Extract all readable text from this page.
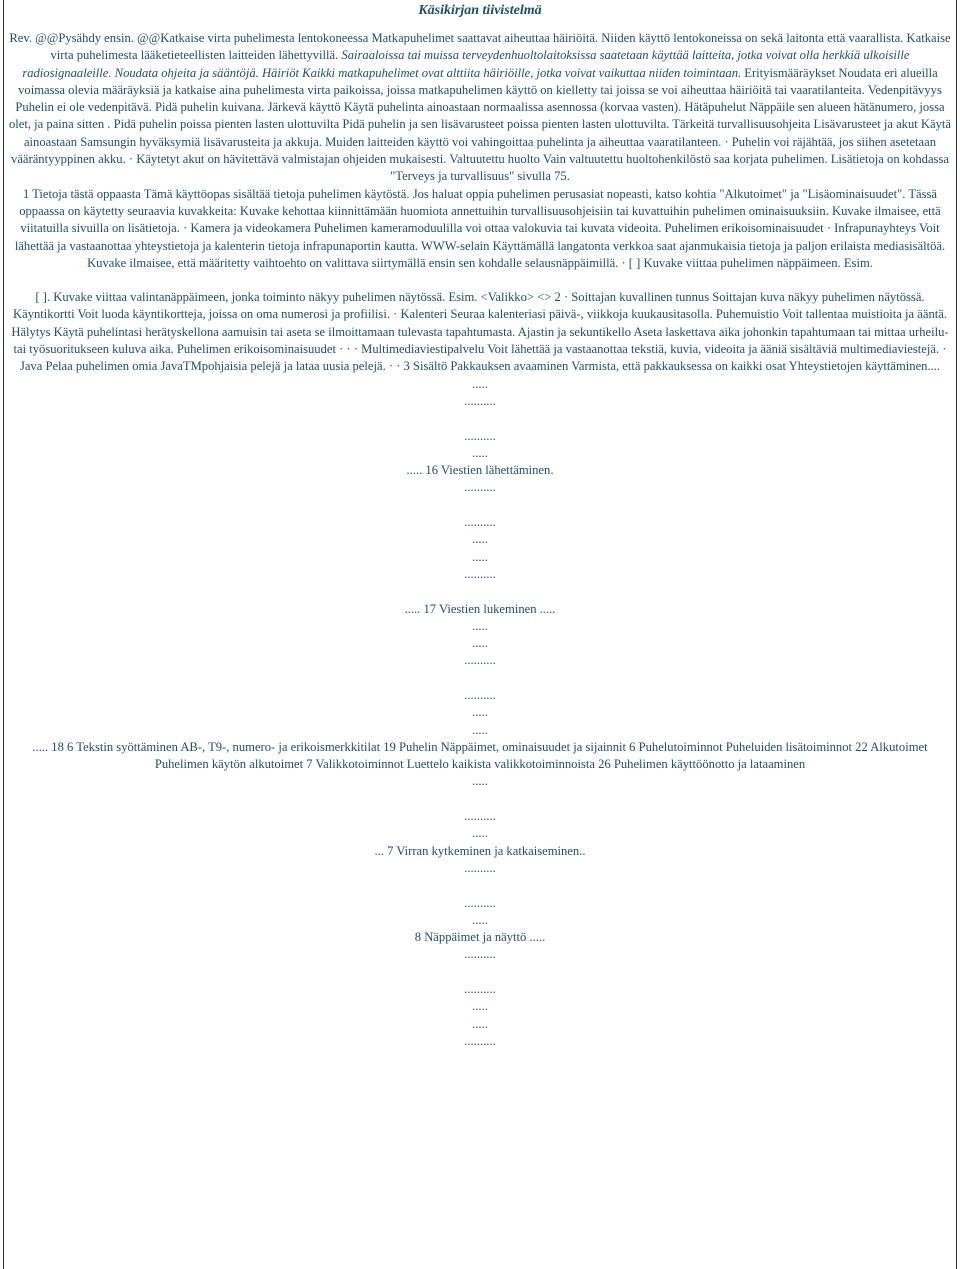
Käsikirjan tiivistelmä

Rev. @@Pysähdy ensin. @@Katkaise virta puhelimesta lentokoneessa Matkapuhelimet saattavat aiheuttaa häiriöitä. Niiden käyttö lentokoneissa on sekä laitonta että vaarallista. Katkaise virta puhelimesta lääketieteellisten laitteiden lähettyvillä. Sairaaloissa tai muissa terveydenhuoltolaitoksissa saatetaan käyttää laitteita, jotka voivat olla herkkiä ulkoisille radiosignaaleille. Noudata ohjeita ja sääntöjä. Häiriöt Kaikki matkapuhelimet ovat alttiita häiriöille, jotka voivat vaikuttaa niiden toimintaan. Erityismääräykset Noudata eri alueilla voimassa olevia määräyksiä ja katkaise aina puhelimesta virta paikoissa, joissa matkapuhelimen käyttö on kielletty tai joissa se voi aiheuttaa häiriöitä tai vaaratilanteita. Vedenpitävyys Puhelin ei ole vedenpitävä. Pidä puhelin kuivana. Järkevä käyttö Käytä puhelinta ainoastaan normaalissa asennossa (korvaa vasten). Hätäpuhelut Näppäile sen alueen hätänumero, jossa olet, ja paina sitten . Pidä puhelin poissa pienten lasten ulottuvilta Pidä puhelin ja sen lisävarusteet poissa pienten lasten ulottuvilta. Tärkeitä turvallisuusohjeita Lisävarusteet ja akut Käytä ainoastaan Samsungin hyväksymiä lisävarusteita ja akkuja. Muiden laitteiden käyttö voi vahingoittaa puhelinta ja aiheuttaa vaaratilanteen. · Puhelin voi räjähtää, jos siihen asetetaan vääräntyyppinen akku. · Käytetyt akut on hävitettävä valmistajan ohjeiden mukaisesti. Valtuutettu huolto Vain valtuutettu huoltohenkilöstö saa korjata puhelimen. Lisätietoja on kohdassa "Terveys ja turvallisuus" sivulla 75.

1 Tietoja tästä oppaasta Tämä käyttöopas sisältää tietoja puhelimen käytöstä. Jos haluat oppia puhelimen perusasiat nopeasti, katso kohtia "Alkutoimet" ja "Lisäominaisuudet". Tässä oppaassa on käytetty seuraavia kuvakkeita: Kuvake kehottaa kiinnittämään huomiota annettuihin turvallisuusohjeisiin tai kuvattuihin puhelimen ominaisuuksiin. Kuvake ilmaisee, että viitatuilla sivuilla on lisätietoja. · Kamera ja videokamera Puhelimen kameramoduulilla voi ottaa valokuvia tai kuvata videoita. Puhelimen erikoisominaisuudet · Infrapunayhteys Voit lähettää ja vastaanottaa yhteystietoja ja kalenterin tietoja infrapunaportin kautta. WWW-selain Käyttämällä langatonta verkkoa saat ajanmukaisia tietoja ja paljon erilaista mediasisältöä. Kuvake ilmaisee, että määritetty vaihtoehto on valittava siirtymällä ensin sen kohdalle selausnäppäimillä. · [ ] Kuvake viittaa puhelimen näppäimeen. Esim.

[ ]. Kuvake viittaa valintanäppäimeen, jonka toiminto näkyy puhelimen näytössä. Esim. <Valikko> <> 2 · Soittajan kuvallinen tunnus Soittajan kuva näkyy puhelimen näytössä. Käyntikortti Voit luoda käyntikortteja, joissa on oma numerosi ja profiilisi. · Kalenteri Seuraa kalenteriasi päivä-, viikkoja kuukausitasolla. Puhemuistio Voit tallentaa muistioita ja ääntä. Hälytys Käytä puhelintasi herätyskellona aamuisin tai aseta se ilmoittamaan tulevasta tapahtumasta. Ajastin ja sekuntikello Aseta laskettava aika johonkin tapahtumaan tai mittaa urheilu- tai työsuoritukseen kuluva aika. Puhelimen erikoisominaisuudet · · · Multimediaviestipalvelu Voit lähettää ja vastaanottaa tekstiä, kuvia, videoita ja ääniä sisältäviä multimediaviestejä. · Java Pelaa puhelimen omia JavaTMpohjaisia pelejä ja lataa uusia pelejä. · · 3 Sisältö Pakkauksen avaaminen Varmista, että pakkauksessa on kaikki osat Yhteystietojen käyttäminen....

.....

..........

..........

.....

..... 16 Viestien lähettäminen.

..........

..........

.....

.....

..........

..... 17 Viestien lukeminen .....

.....

.....

..........

..........

.....

.....

..... 18 6 Tekstin syöttäminen AB-, T9-, numero- ja erikoismerkkitilat 19 Puhelin Näppäimet, ominaisuudet ja sijainnit 6 Puhelutoiminnot Puheluiden lisätoiminnot 22 Alkutoimet Puhelimen käytön alkutoimet 7 Valikkotoiminnot Luettelo kaikista valikkotoiminnoista 26 Puhelimen käyttöönotto ja lataaminen

.....

..........

.....

... 7 Virran kytkeminen ja katkaiseminen..

..........

..........

.....

8 Näppäimet ja näyttö .....

..........

..........

.....

.....

..........
